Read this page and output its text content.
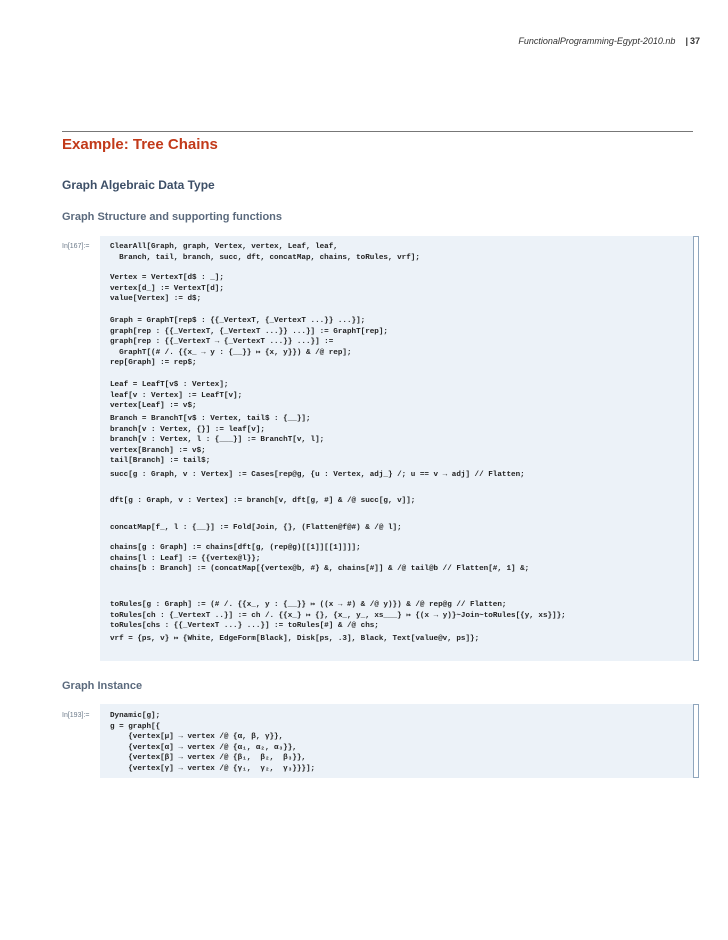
FunctionalProgramming-Egypt-2010.nb | 37
Example: Tree Chains
Graph Algebraic Data Type
Graph Structure and supporting functions
In[167]:=	ClearAll[Graph, graph, Vertex, vertex, Leaf, leaf,
Branch, tail, branch, succ, dft, concatMap, chains, toRules, vrf];
Vertex = VertexT[d$ : _];
vertex[d_] := VertexT[d];
value[Vertex] := d$;
Graph = GraphT[rep$ : {{_VertexT, {_VertexT ...}} ...}];
graph[rep : {{_VertexT, {_VertexT ...}} ...}] := GraphT[rep];
graph[rep : {{_VertexT → {_VertexT ...}} ...}] :=
GraphT[(# /. {{x_ → y : {__}} ↦ {x, y}}) & /@ rep];
rep[Graph] := rep$;
Leaf = LeafT[v$ : Vertex];
leaf[v : Vertex] := LeafT[v];
vertex[Leaf] := v$;
Branch = BranchT[v$ : Vertex, tail$ : {__}];
branch[v : Vertex, {}] := leaf[v];
branch[v : Vertex, l : {___}] := BranchT[v, l];
vertex[Branch] := v$;
tail[Branch] := tail$;
succ[g : Graph, v : Vertex] := Cases[rep@g, {u : Vertex, adj_} /; u == v → adj] // Flatten;
dft[g : Graph, v : Vertex] := branch[v, dft[g, #] & /@ succ[g, v]];
concatMap[f_, l : {__}] := Fold[Join, {}, (Flatten@f@#) & /@ l];
chains[g : Graph] := chains[dft[g, (rep@g)[[1]][[1]]]];
chains[l : Leaf] := {{vertex@l}};
chains[b : Branch] := (concatMap[{vertex@b, #} &, chains[#]] & /@ tail@b // Flatten[#, 1] &;
toRules[g : Graph] := (# /. {{x_, y : {__}} ↦ ((x → #) & /@ y)}) & /@ rep@g // Flatten;
toRules[ch : {_VertexT ..}] := ch /. {{x_} ↦ {}, {x_, y_, xs___} ↦ {(x → y)}~Join~toRules[{y, xs}]};
toRules[chs : {{_VertexT ...} ...}] := toRules[#] & /@ chs;
vrf = {ps, v} ↦ {White, EdgeForm[Black], Disk[ps, .3], Black, Text[value@v, ps]};
Graph Instance
In[193]:=	Dynamic[g];
g = graph[{
{vertex[μ] → vertex /@ {α, β, γ}},
{vertex[α] → vertex /@ {α₁, α₂, α₃}},
{vertex[β] → vertex /@ {β₁,  β₂,  β₃}},
{vertex[γ] → vertex /@ {γ₁,  γ₂,  γ₃}}}];
